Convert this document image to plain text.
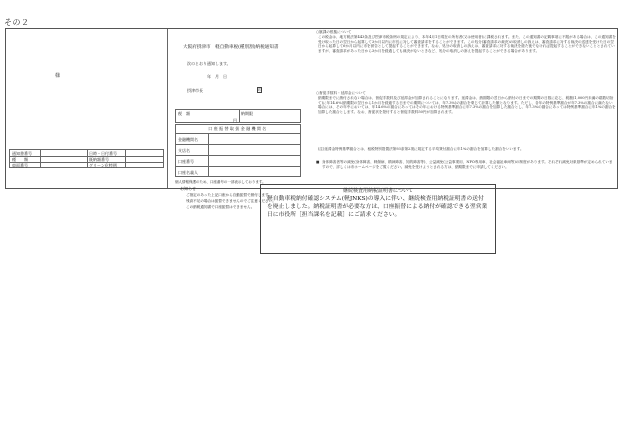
その２
通知書番号	日時・日付番号
種　　類	既納額番号
車両番号	グリーン化特例
大阪府摂津市　軽自動車税(種別割)納税通知書
次のとおり通知します。
様	年　月　日
摂津市長	印
税　額
円
納期限
口座振替取扱金融機関名
金融機関名
支店名
口座番号
口座名義人
個人情報保護のため、口座番号の一部表示しております。
お知らせ
ご指定のあった上記口座から自動振替で納付します。
残高不足の場合は振替できませんのでご注意ください。
この納税通知書で口座振替はできません。
○賦課の根拠について
この税金は、地方税法第443条及び摂津市税条例の規定により、本年4月1日現在の所有者(又は使用者)に課税されます。また、この通知書の記載事項に不服がある場合は、この通知書を受け取った日の翌日から起算して3か月以内に市長に対して審査請求をすることができます。この処分(審査請求の裁決)の取消しの訴えは、審査請求に対する裁決の送達を受けた日の翌日から起算して6か月以内に市を被告として提起することができます。なお、処分の取消しの訴えは、審査請求に対する裁決を経た後でなければ提起することができないこととされていますが、審査請求があった日から3か月を経過しても裁決がないときなど、処分の取消しの訴えを提起することができる場合があります。
○督促手数料・延滞金について
納期限までに納付されない場合は、督促手数料及び延滞金が加算されることになります。延滞金は、納期限の翌日から納付の日までの期間の日数に応じ、税額(1,000円未満の端数切捨て)に年14.6%(納期限の翌日から1か月を経過する日までの期間については、年7.3%)の割合を乗じて計算した額となります。ただし、各年の特例基準割合が年7.3%の割合に満たない場合には、その年中においては、年14.6%の割合にあってはその年における特例基準割合に年7.3%の割合を加算した割合とし、年7.3%の割合にあっては特例基準割合に年1%の割合を加算した割合とします。なお、督促状を発付すると督促手数料50円が加算されます。
(注)延滞金特例基準割合とは、租税特別措置法第93条第2項に規定する平均貸付割合に年1%の割合を加算した割合をいいます。
■ 身体障害者等の減免(身体障害、戦傷病、精神障害、知的障害等)、公益減免(公益事業用、NPO専用車、社会福祉車両等)の制度があります。それぞれ減免対象基準が定められていますので、詳しくは市ホームページをご覧ください。減免を受けようとされる方は、納期限までに申請してください。
継続検査用納税証明書について
軽自動車税納付確認システム(軽JNKS)の導入に伴い、継続検査用納税証明書の送付を廃止しました。納税証明書が必要な方は、口座振替による納付が確認できる翌営業日に市役所［担当課名を記載］にご請求ください。
